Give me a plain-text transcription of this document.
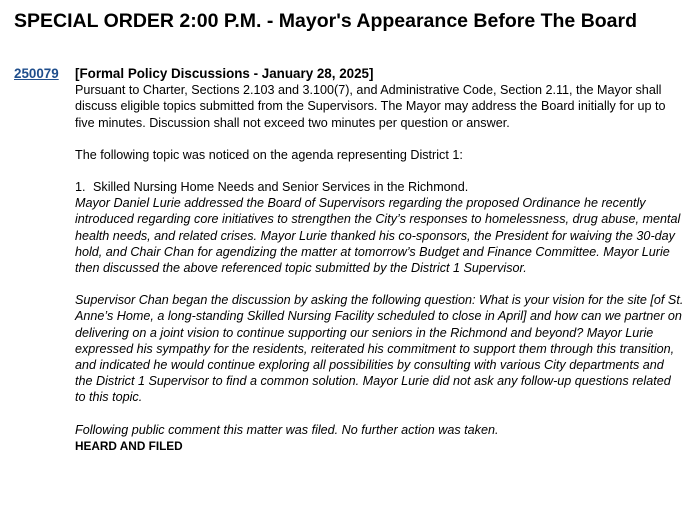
SPECIAL ORDER 2:00 P.M. - Mayor's Appearance Before The Board
250079 [Formal Policy Discussions - January 28, 2025]

Pursuant to Charter, Sections 2.103 and 3.100(7), and Administrative Code, Section 2.11, the Mayor shall discuss eligible topics submitted from the Supervisors. The Mayor may address the Board initially for up to five minutes. Discussion shall not exceed two minutes per question or answer.

The following topic was noticed on the agenda representing District 1:

1. Skilled Nursing Home Needs and Senior Services in the Richmond.

Mayor Daniel Lurie addressed the Board of Supervisors regarding the proposed Ordinance he recently introduced regarding core initiatives to strengthen the City’s responses to homelessness, drug abuse, mental health needs, and related crises. Mayor Lurie thanked his co-sponsors, the President for waiving the 30-day hold, and Chair Chan for agendizing the matter at tomorrow’s Budget and Finance Committee. Mayor Lurie then discussed the above referenced topic submitted by the District 1 Supervisor.

Supervisor Chan began the discussion by asking the following question: What is your vision for the site [of St. Anne’s Home, a long-standing Skilled Nursing Facility scheduled to close in April] and how can we partner on delivering on a joint vision to continue supporting our seniors in the Richmond and beyond? Mayor Lurie expressed his sympathy for the residents, reiterated his commitment to support them through this transition, and indicated he would continue exploring all possibilities by consulting with various City departments and the District 1 Supervisor to find a common solution. Mayor Lurie did not ask any follow-up questions related to this topic.

Following public comment this matter was filed. No further action was taken.

HEARD AND FILED
